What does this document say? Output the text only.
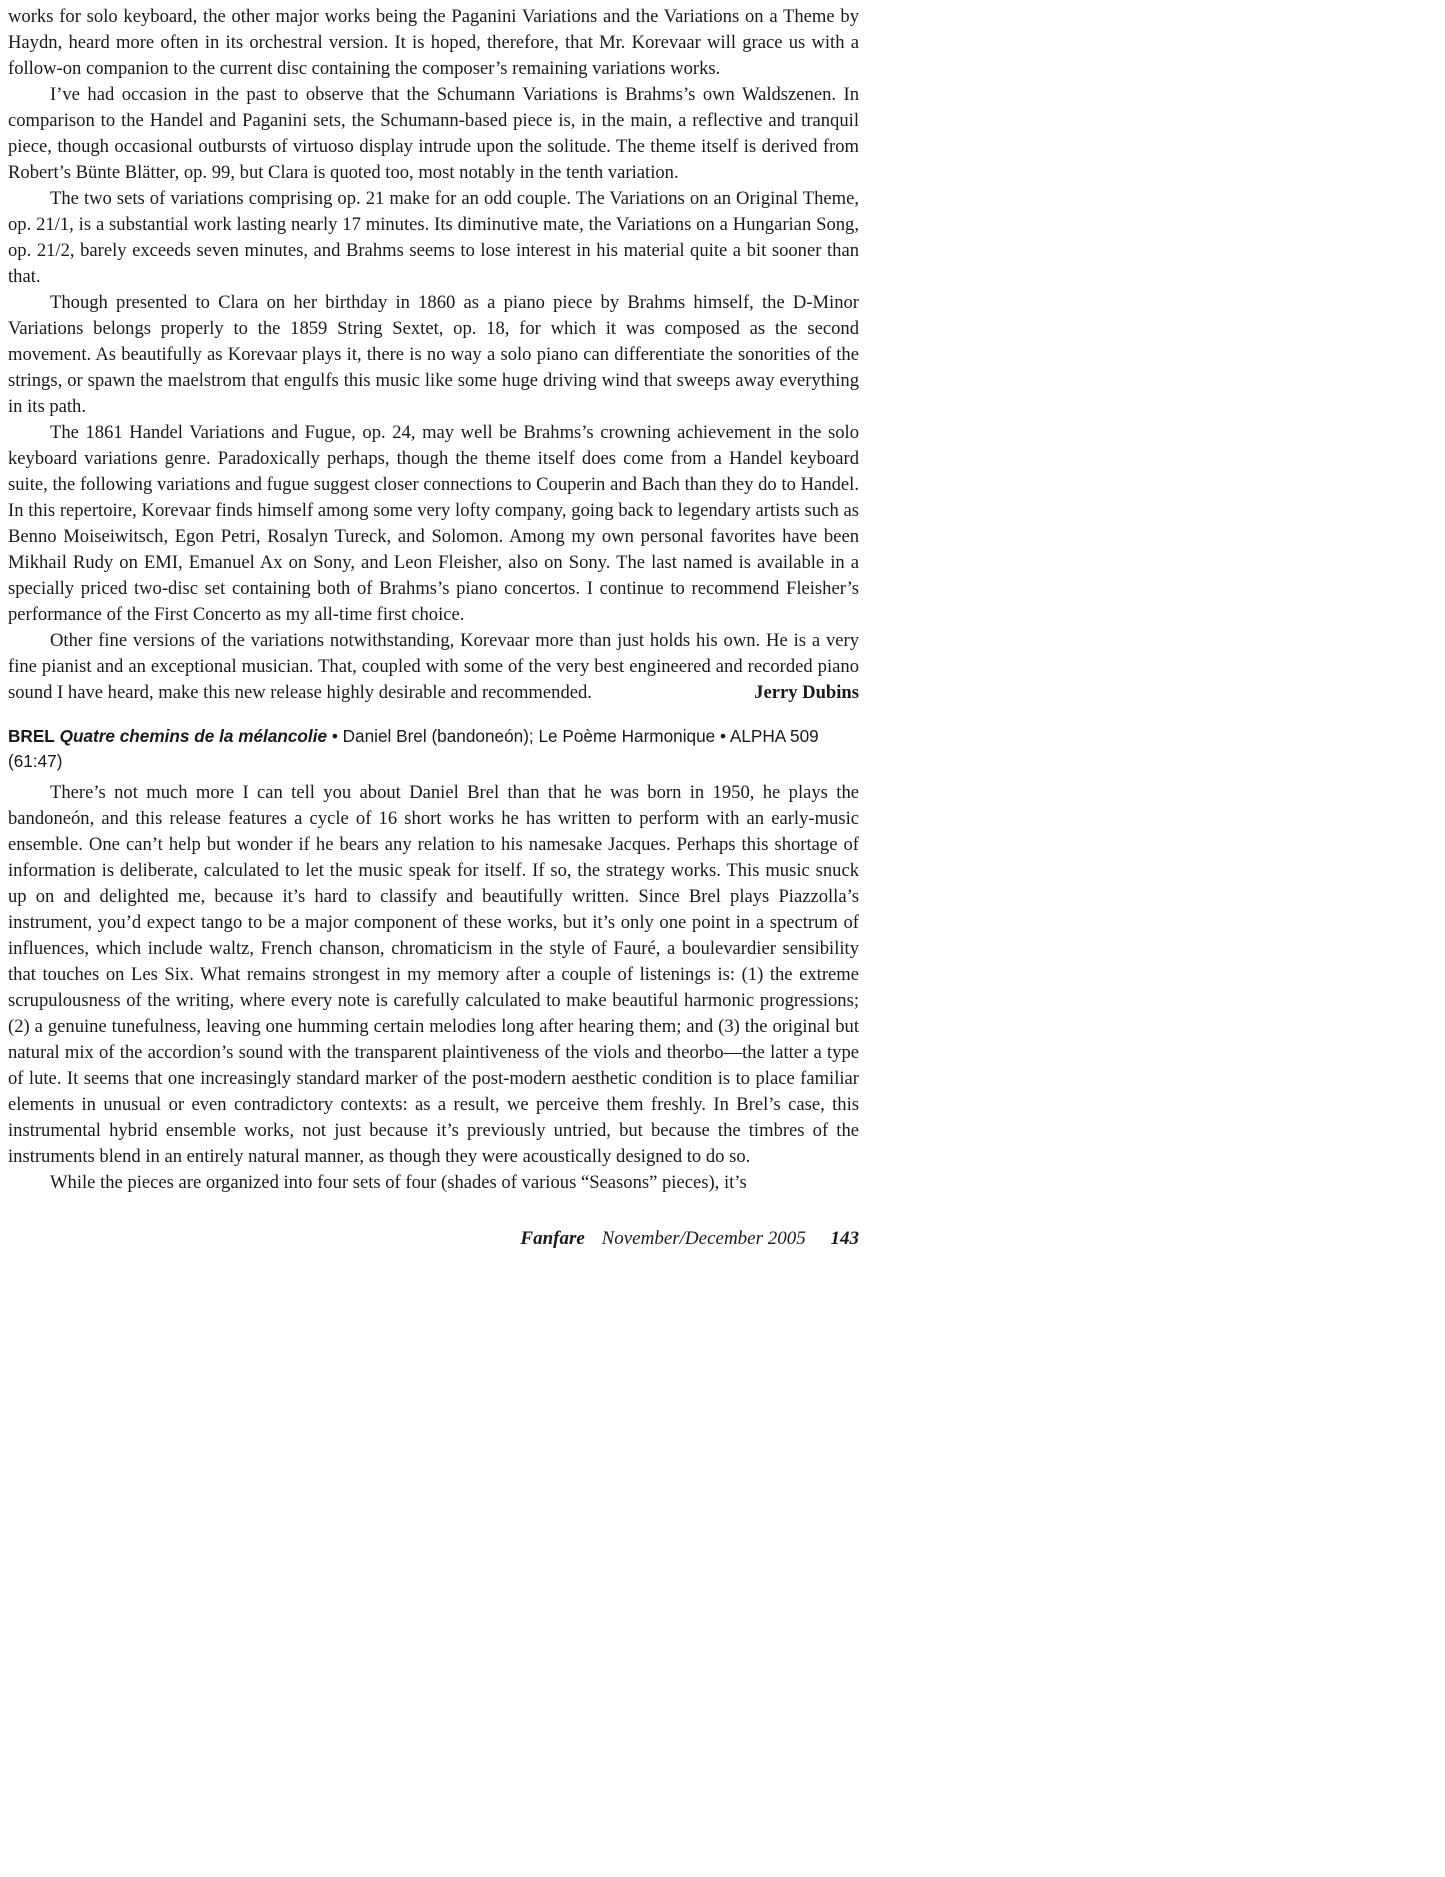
works for solo keyboard, the other major works being the Paganini Variations and the Variations on a Theme by Haydn, heard more often in its orchestral version. It is hoped, therefore, that Mr. Korevaar will grace us with a follow-on companion to the current disc containing the composer’s remaining variations works.

I’ve had occasion in the past to observe that the Schumann Variations is Brahms’s own Waldszenen. In comparison to the Handel and Paganini sets, the Schumann-based piece is, in the main, a reflective and tranquil piece, though occasional outbursts of virtuoso display intrude upon the solitude. The theme itself is derived from Robert’s Bünte Blätter, op. 99, but Clara is quoted too, most notably in the tenth variation.

The two sets of variations comprising op. 21 make for an odd couple. The Variations on an Original Theme, op. 21/1, is a substantial work lasting nearly 17 minutes. Its diminutive mate, the Variations on a Hungarian Song, op. 21/2, barely exceeds seven minutes, and Brahms seems to lose interest in his material quite a bit sooner than that.

Though presented to Clara on her birthday in 1860 as a piano piece by Brahms himself, the D-Minor Variations belongs properly to the 1859 String Sextet, op. 18, for which it was composed as the second movement. As beautifully as Korevaar plays it, there is no way a solo piano can differentiate the sonorities of the strings, or spawn the maelstrom that engulfs this music like some huge driving wind that sweeps away everything in its path.

The 1861 Handel Variations and Fugue, op. 24, may well be Brahms’s crowning achievement in the solo keyboard variations genre. Paradoxically perhaps, though the theme itself does come from a Handel keyboard suite, the following variations and fugue suggest closer connections to Couperin and Bach than they do to Handel. In this repertoire, Korevaar finds himself among some very lofty company, going back to legendary artists such as Benno Moiseiwitsch, Egon Petri, Rosalyn Tureck, and Solomon. Among my own personal favorites have been Mikhail Rudy on EMI, Emanuel Ax on Sony, and Leon Fleisher, also on Sony. The last named is available in a specially priced two-disc set containing both of Brahms’s piano concertos. I continue to recommend Fleisher’s performance of the First Concerto as my all-time first choice.

Other fine versions of the variations notwithstanding, Korevaar more than just holds his own. He is a very fine pianist and an exceptional musician. That, coupled with some of the very best engineered and recorded piano sound I have heard, make this new release highly desirable and recommended.	Jerry Dubins
BREL Quatre chemins de la mélancolie • Daniel Brel (bandoneón); Le Poème Harmonique • ALPHA 509 (61:47)

There’s not much more I can tell you about Daniel Brel than that he was born in 1950, he plays the bandoneón, and this release features a cycle of 16 short works he has written to perform with an early-music ensemble. One can’t help but wonder if he bears any relation to his namesake Jacques. Perhaps this shortage of information is deliberate, calculated to let the music speak for itself. If so, the strategy works. This music snuck up on and delighted me, because it’s hard to classify and beautifully written. Since Brel plays Piazzolla’s instrument, you’d expect tango to be a major component of these works, but it’s only one point in a spectrum of influences, which include waltz, French chanson, chromaticism in the style of Fauré, a boulevardier sensibility that touches on Les Six. What remains strongest in my memory after a couple of listenings is: (1) the extreme scrupulousness of the writing, where every note is carefully calculated to make beautiful harmonic progressions; (2) a genuine tunefulness, leaving one humming certain melodies long after hearing them; and (3) the original but natural mix of the accordion’s sound with the transparent plaintiveness of the viols and theorbo—the latter a type of lute. It seems that one increasingly standard marker of the post-modern aesthetic condition is to place familiar elements in unusual or even contradictory contexts: as a result, we perceive them freshly. In Brel’s case, this instrumental hybrid ensemble works, not just because it’s previously untried, but because the timbres of the instruments blend in an entirely natural manner, as though they were acoustically designed to do so.

While the pieces are organized into four sets of four (shades of various “Seasons” pieces), it’s

Fanfare November/December 2005 143
